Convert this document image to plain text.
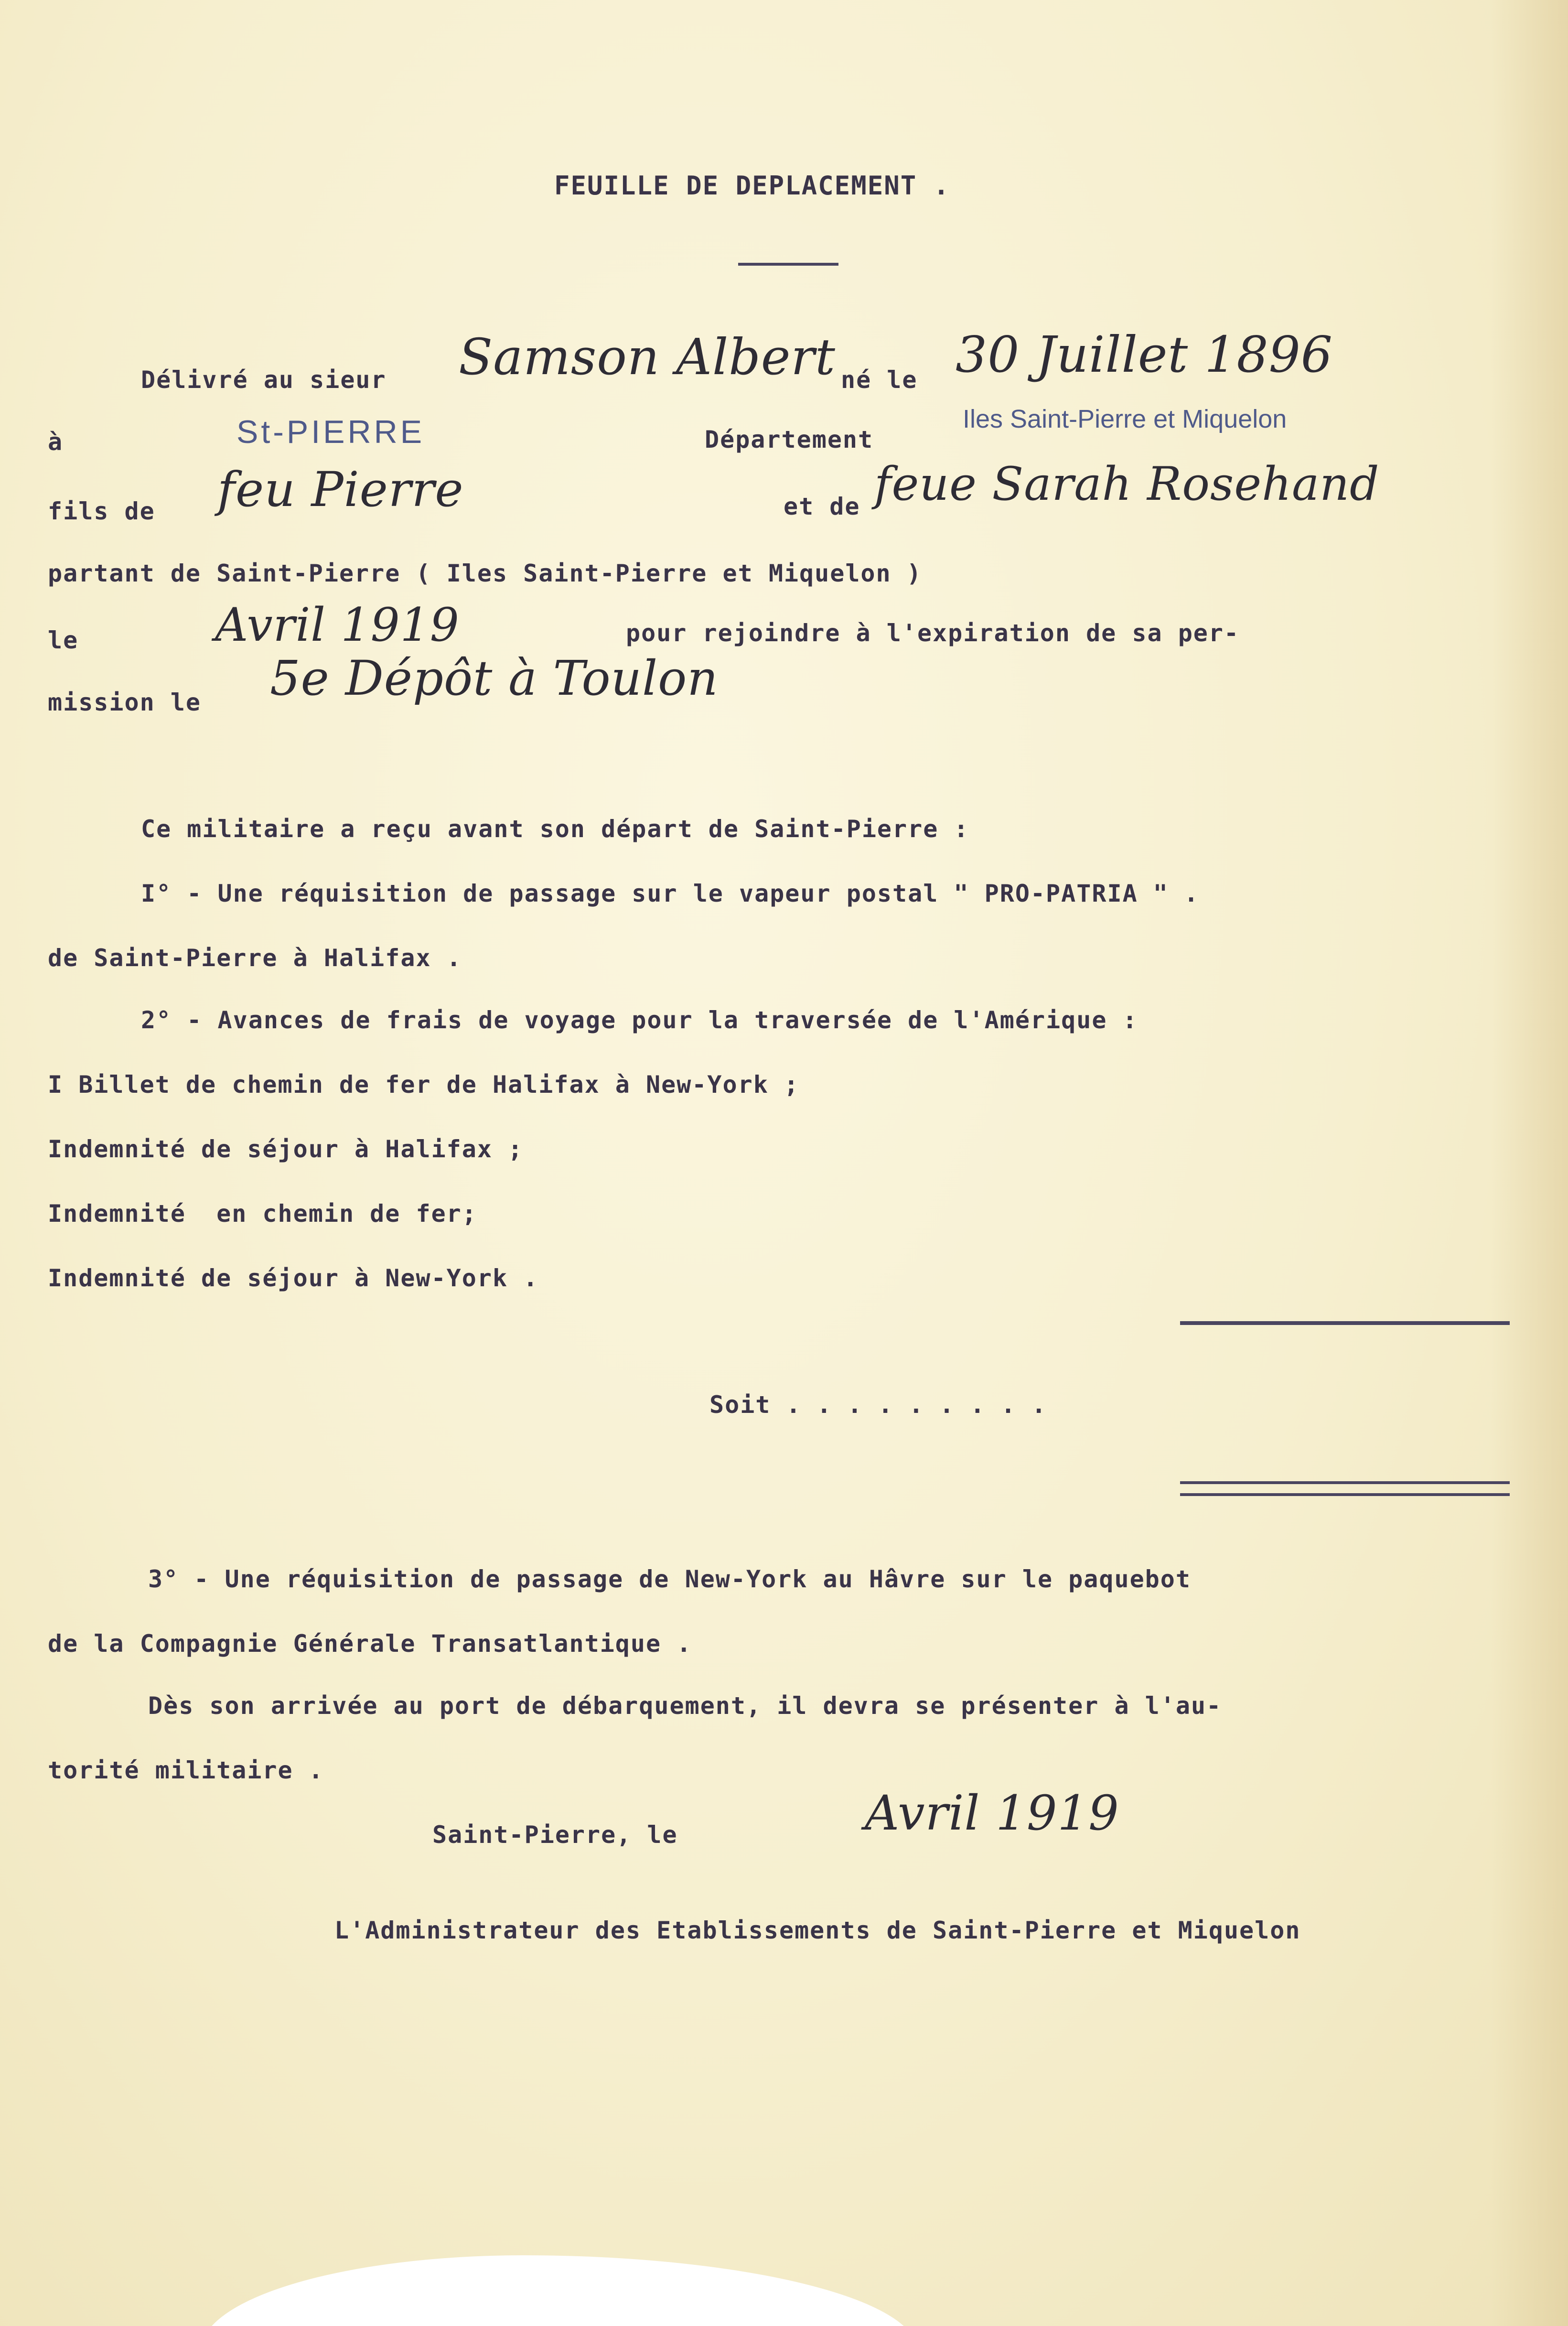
FEUILLE DE DEPLACEMENT .
Délivré au sieur Samson Albert né le 30 Juillet 1896
à	St-PIERRE	Département
Iles Saint-Pierre et Miquelon
fils de feu Pierre	et de feue Sarah Rosehand
partant de Saint-Pierre ( Iles Saint-Pierre et Miquelon )
le	Avril 1919	pour rejoindre à l'expiration de sa per-
mission le 5e Dépôt à Toulon
Ce militaire a reçu avant son départ de Saint-Pierre :
I° - Une réquisition de passage sur le vapeur postal " PRO-PATRIA " .
de Saint-Pierre à Halifax .
2° - Avances de frais de voyage pour la traversée de l'Amérique :
I Billet de chemin de fer de Halifax à New-York ;
Indemnité de séjour à Halifax ;
Indemnité  en chemin de fer;
Indemnité de séjour à New-York .
Soit . . . . . . . . .
3° - Une réquisition de passage de New-York au Hâvre sur le paquebot
de la Compagnie Générale Transatlantique .
Dès son arrivée au port de débarquement, il devra se présenter à l'au-
torité militaire .
Saint-Pierre, le	Avril 1919
L'Administrateur des Etablissements de Saint-Pierre et Miquelon
